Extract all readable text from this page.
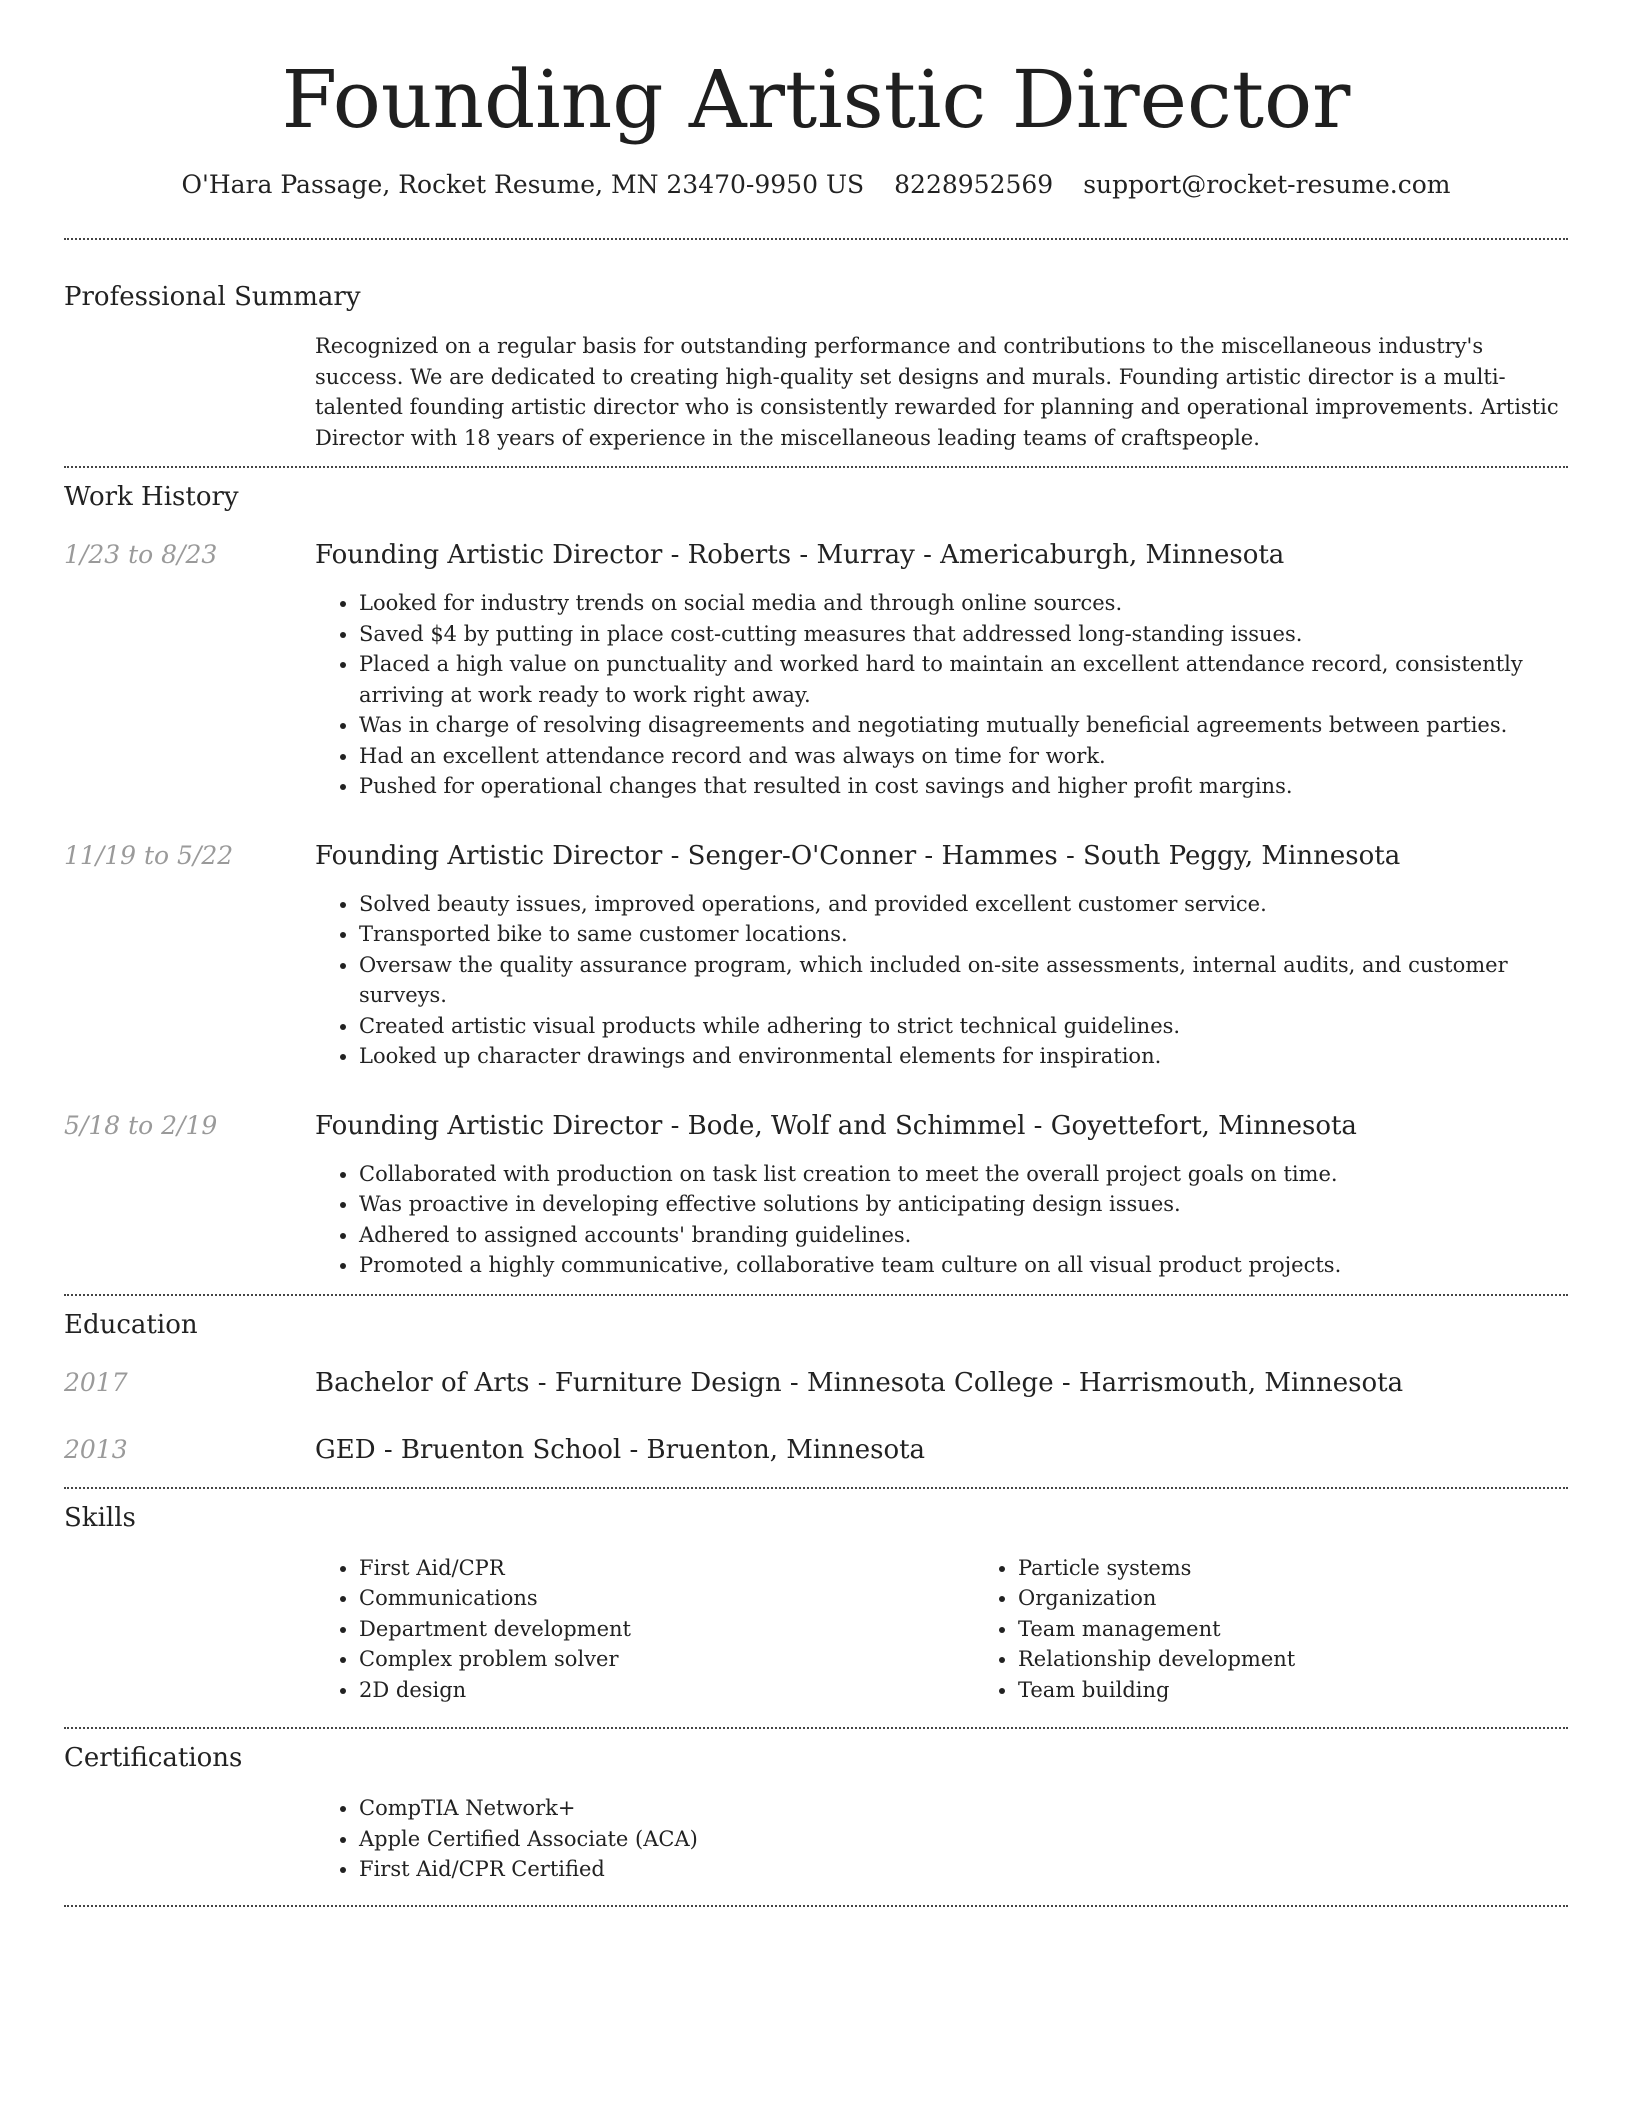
Founding Artistic Director
O'Hara Passage, Rocket Resume, MN 23470-9950 US 8228952569 support@rocket-resume.com
Professional Summary

Recognized on a regular basis for outstanding performance and contributions to the miscellaneous industry's success. We are dedicated to creating high-quality set designs and murals. Founding artistic director is a multi-talented founding artistic director who is consistently rewarded for planning and operational improvements. Artistic Director with 18 years of experience in the miscellaneous leading teams of craftspeople.

Work History
1/23 to 8/23	Founding Artistic Director - Roberts - Murray - Americaburgh, Minnesota
• Looked for industry trends on social media and through online sources.
• Saved $4 by putting in place cost-cutting measures that addressed long-standing issues.
• Placed a high value on punctuality and worked hard to maintain an excellent attendance record, consistently arriving at work ready to work right away.
• Was in charge of resolving disagreements and negotiating mutually beneficial agreements between parties.
• Had an excellent attendance record and was always on time for work.
• Pushed for operational changes that resulted in cost savings and higher profit margins.
11/19 to 5/22	Founding Artistic Director - Senger-O'Conner - Hammes - South Peggy, Minnesota
• Solved beauty issues, improved operations, and provided excellent customer service.
• Transported bike to same customer locations.
• Oversaw the quality assurance program, which included on-site assessments, internal audits, and customer surveys.
• Created artistic visual products while adhering to strict technical guidelines.
• Looked up character drawings and environmental elements for inspiration.
5/18 to 2/19	Founding Artistic Director - Bode, Wolf and Schimmel - Goyettefort, Minnesota
• Collaborated with production on task list creation to meet the overall project goals on time.
• Was proactive in developing effective solutions by anticipating design issues.
• Adhered to assigned accounts' branding guidelines.
• Promoted a highly communicative, collaborative team culture on all visual product projects.
Education
2017	Bachelor of Arts - Furniture Design - Minnesota College - Harrismouth, Minnesota
2013	GED - Bruenton School - Bruenton, Minnesota
Skills
• First Aid/CPR
• Communications
• Department development
• Complex problem solver
• 2D design
• Particle systems
• Organization
• Team management
• Relationship development
• Team building
Certifications
• CompTIA Network+
• Apple Certified Associate (ACA)
• First Aid/CPR Certified
